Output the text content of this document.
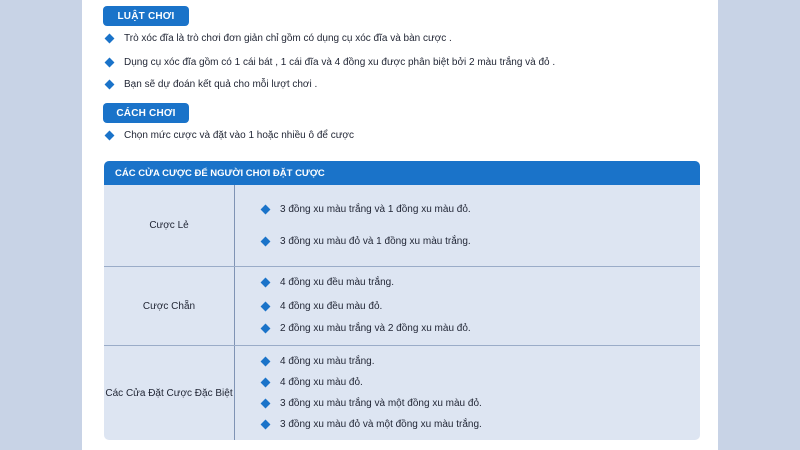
LUẬT CHƠI
Trò xóc đĩa là trò chơi đơn giản chỉ gồm có dụng cụ xóc đĩa và bàn cược .
Dụng cụ xóc đĩa gồm có 1 cái bát , 1 cái đĩa và 4 đồng xu được phân biệt bởi 2 màu trắng và đỏ .
Bạn sẽ dự đoán kết quả cho mỗi lượt chơi .
CÁCH CHƠI
Chọn mức cược và đặt vào 1 hoặc nhiều ô để cược
CÁC CỬA CƯỢC ĐỂ NGƯỜI CHƠI ĐẶT CƯỢC
Cược Lẻ
3 đồng xu màu trắng và 1 đồng xu màu đỏ.
3 đồng xu màu đỏ và 1 đồng xu màu trắng.
Cược Chẵn
4 đồng xu đều màu trắng.
4 đồng xu đều màu đỏ.
2 đồng xu màu trắng và 2 đồng xu màu đỏ.
Các Cửa Đặt Cược Đặc Biệt
4 đồng xu màu trắng.
4 đồng xu màu đỏ.
3 đồng xu màu trắng và một đồng xu màu đỏ.
3 đồng xu màu đỏ và một đồng xu màu trắng.
